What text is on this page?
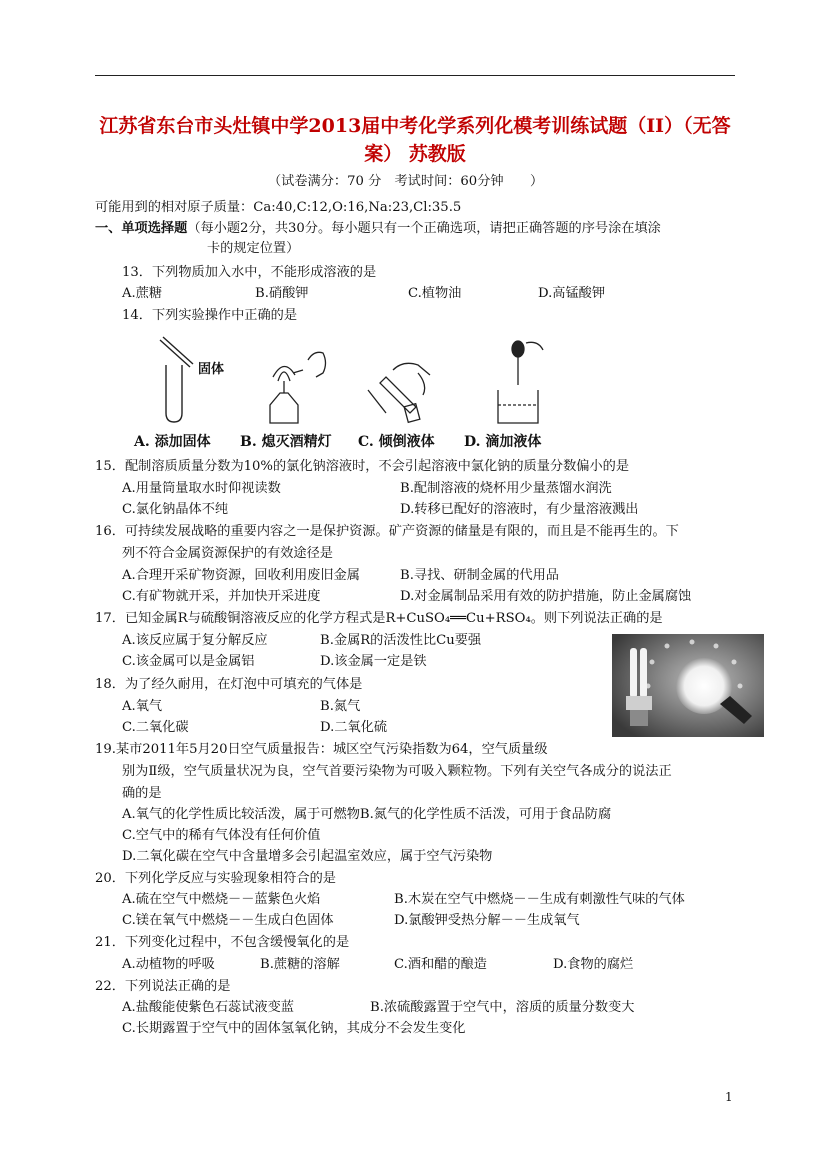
江苏省东台市头灶镇中学2013届中考化学系列化模考训练试题（II）（无答
案） 苏教版
（试卷满分：70 分　考试时间：60分钟　　）
可能用到的相对原子质量：Ca:40,C:12,O:16,Na:23,Cl:35.5
一、单项选择题（每小题2分，共30分。每小题只有一个正确选项，请把正确答题的序号涂在填涂
卡的规定位置）
13．下列物质加入水中，不能形成溶液的是
A.蔗糖	B.硝酸钾	C.植物油	D.高锰酸钾
14．下列实验操作中正确的是
固体
A. 添加固体 B. 熄灭酒精灯 C. 倾倒液体 D. 滴加液体
15．配制溶质质量分数为10%的氯化钠溶液时，不会引起溶液中氯化钠的质量分数偏小的是
A.用量筒量取水时仰视读数	B.配制溶液的烧杯用少量蒸馏水润洗
C.氯化钠晶体不纯	D.转移已配好的溶液时，有少量溶液溅出
16．可持续发展战略的重要内容之一是保护资源。矿产资源的储量是有限的，而且是不能再生的。下
列不符合金属资源保护的有效途径是
A.合理开采矿物资源，回收利用废旧金属	B.寻找、研制金属的代用品
C.有矿物就开采，并加快开采进度	D.对金属制品采用有效的防护措施，防止金属腐蚀
17．已知金属R与硫酸铜溶液反应的化学方程式是R+CuSO₄══Cu+RSO₄。则下列说法正确的是
A.该反应属于复分解反应	B.金属R的活泼性比Cu要强
C.该金属可以是金属铝	D.该金属一定是铁
18．为了经久耐用，在灯泡中可填充的气体是
A.氧气	B.氮气
C.二氧化碳	D.二氧化硫
19.某市2011年5月20日空气质量报告：城区空气污染指数为64，空气质量级
别为Ⅱ级，空气质量状况为良，空气首要污染物为可吸入颗粒物。下列有关空气各成分的说法正
确的是
A.氧气的化学性质比较活泼，属于可燃物B.氮气的化学性质不活泼，可用于食品防腐
C.空气中的稀有气体没有任何价值
D.二氧化碳在空气中含量增多会引起温室效应，属于空气污染物
20．下列化学反应与实验现象相符合的是
A.硫在空气中燃烧－－蓝紫色火焰	B.木炭在空气中燃烧－－生成有刺激性气味的气体
C.镁在氧气中燃烧－－生成白色固体	D.氯酸钾受热分解－－生成氧气
21．下列变化过程中，不包含缓慢氧化的是
A.动植物的呼吸	B.蔗糖的溶解	C.酒和醋的酿造	D.食物的腐烂
22．下列说法正确的是
A.盐酸能使紫色石蕊试液变蓝	B.浓硫酸露置于空气中，溶质的质量分数变大
C.长期露置于空气中的固体氢氧化钠，其成分不会发生变化
1
